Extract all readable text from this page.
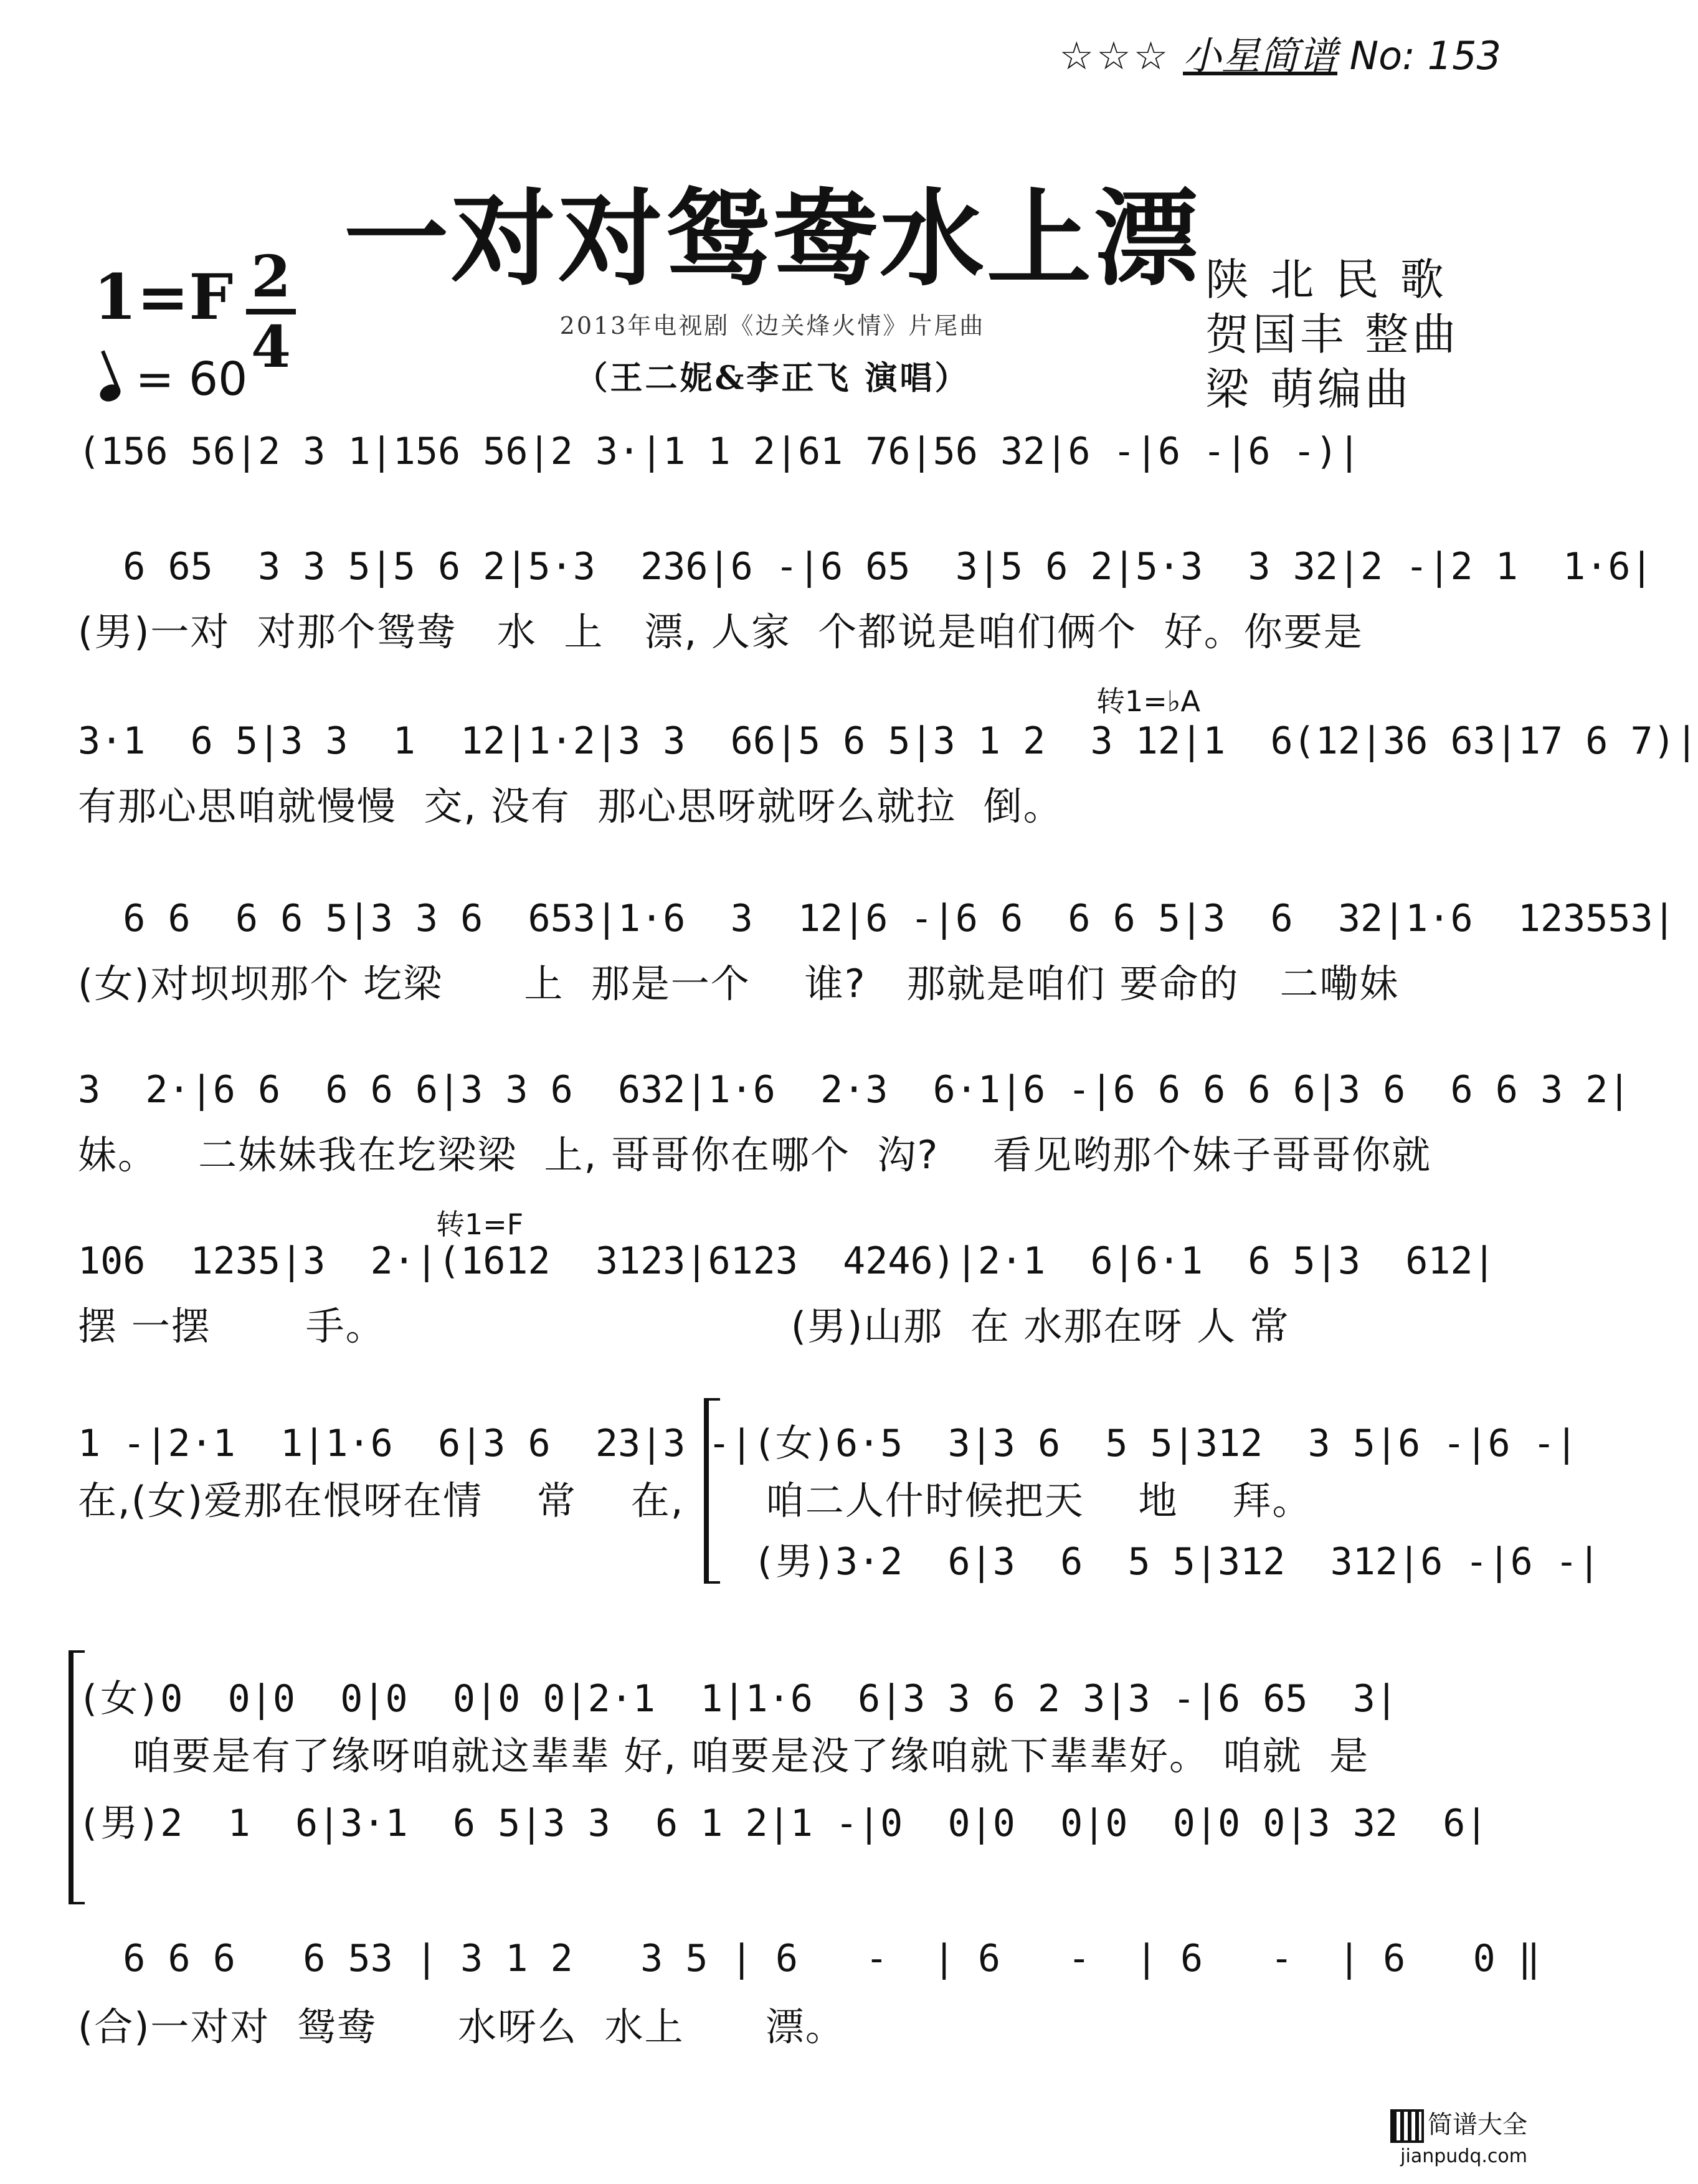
☆☆☆ 小星简谱 No: 153
一对对鸳鸯水上漂
2013年电视剧《边关烽火情》片尾曲
（王二妮&李正飞 演唱）
1=F 2
4
= 60
陕 北 民 歌
贺国丰 整曲
梁 萌编曲
(156 56|2 3 1|156 56|2 3·|1 1 2|61 76|56 32|6 -|6 -|6 -)|
6 65  3 3 5|5 6 2|5·3  236|6 -|6 65  3|5 6 2|5·3  3 32|2 -|2 1  1·6|
(男)一对  对那个鸳鸯   水  上   漂, 人家  个都说是咱们俩个  好。你要是
转1=♭A
3·1  6 5|3 3  1  12|1·2|3 3  66|5 6 5|3 1 2  3 12|1  6(12|36 63|17 6 7)|
有那心思咱就慢慢  交, 没有  那心思呀就呀么就拉  倒。
6 6  6 6 5|3 3 6  653|1·6  3  12|6 -|6 6  6 6 5|3  6  32|1·6  123553|
(女)对坝坝那个 圪梁      上  那是一个    谁?   那就是咱们 要命的   二嘞妹
3  2·|6 6  6 6 6|3 3 6  632|1·6  2·3  6·1|6 -|6 6 6 6 6|3 6  6 6 3 2|
妹。   二妹妹我在圪梁梁  上, 哥哥你在哪个  沟?    看见哟那个妹子哥哥你就
转1=F
106  1235|3  2·|(1612  3123|6123  4246)|2·1  6|6·1  6 5|3  612|
摆 一摆       手。                              (男)山那  在 水那在呀 人 常
1 -|2·1  1|1·6  6|3 6  23|3 -|(女)6·5  3|3 6  5 5|312  3 5|6 -|6 -|
在,(女)爱那在恨呀在情    常    在,      咱二人什时候把天    地    拜。
(男)3·2  6|3  6  5 5|312  312|6 -|6 -|
(女)0  0|0  0|0  0|0 0|2·1  1|1·6  6|3 3 6 2 3|3 -|6 65  3|
咱要是有了缘呀咱就这辈辈 好, 咱要是没了缘咱就下辈辈好。 咱就  是
(男)2  1  6|3·1  6 5|3 3  6 1 2|1 -|0  0|0  0|0  0|0 0|3 32  6|
6 6 6   6 53 | 3 1 2   3 5 | 6   -  | 6   -  | 6   -  | 6   0 ‖
(合)一对对  鸳鸯      水呀么  水上      漂。
简谱大全
jianpudq.com
